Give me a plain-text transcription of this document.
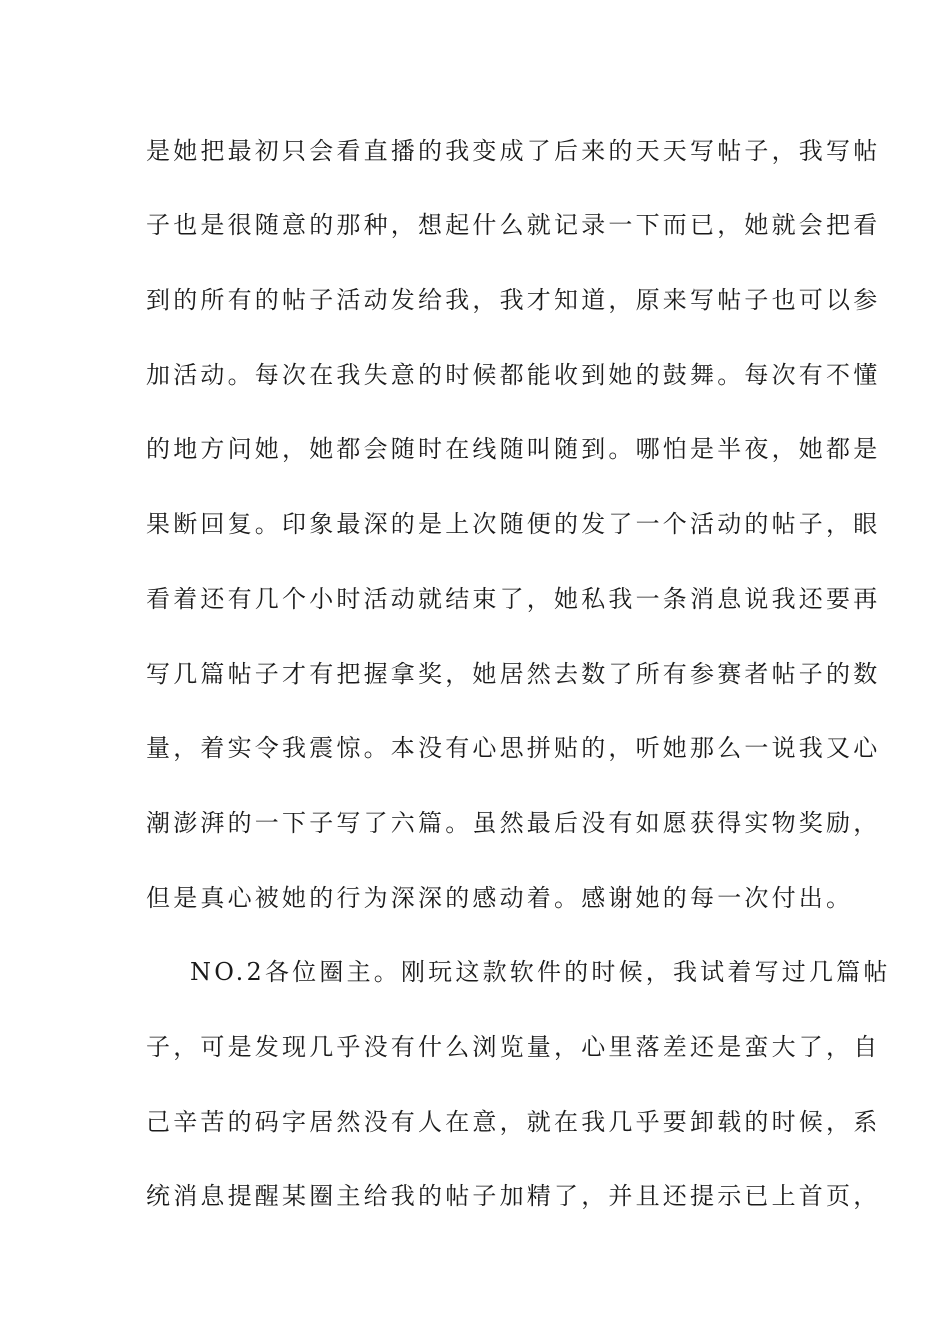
是她把最初只会看直播的我变成了后来的天天写帖子，我写帖
子也是很随意的那种，想起什么就记录一下而已，她就会把看
到的所有的帖子活动发给我，我才知道，原来写帖子也可以参
加活动。每次在我失意的时候都能收到她的鼓舞。每次有不懂
的地方问她，她都会随时在线随叫随到。哪怕是半夜，她都是
果断回复。印象最深的是上次随便的发了一个活动的帖子，眼
看着还有几个小时活动就结束了，她私我一条消息说我还要再
写几篇帖子才有把握拿奖，她居然去数了所有参赛者帖子的数
量，着实令我震惊。本没有心思拼贴的，听她那么一说我又心
潮澎湃的一下子写了六篇。虽然最后没有如愿获得实物奖励，
但是真心被她的行为深深的感动着。感谢她的每一次付出。
NO.2各位圈主。刚玩这款软件的时候，我试着写过几篇帖
子，可是发现几乎没有什么浏览量，心里落差还是蛮大了，自
己辛苦的码字居然没有人在意，就在我几乎要卸载的时候，系
统消息提醒某圈主给我的帖子加精了，并且还提示已上首页，
